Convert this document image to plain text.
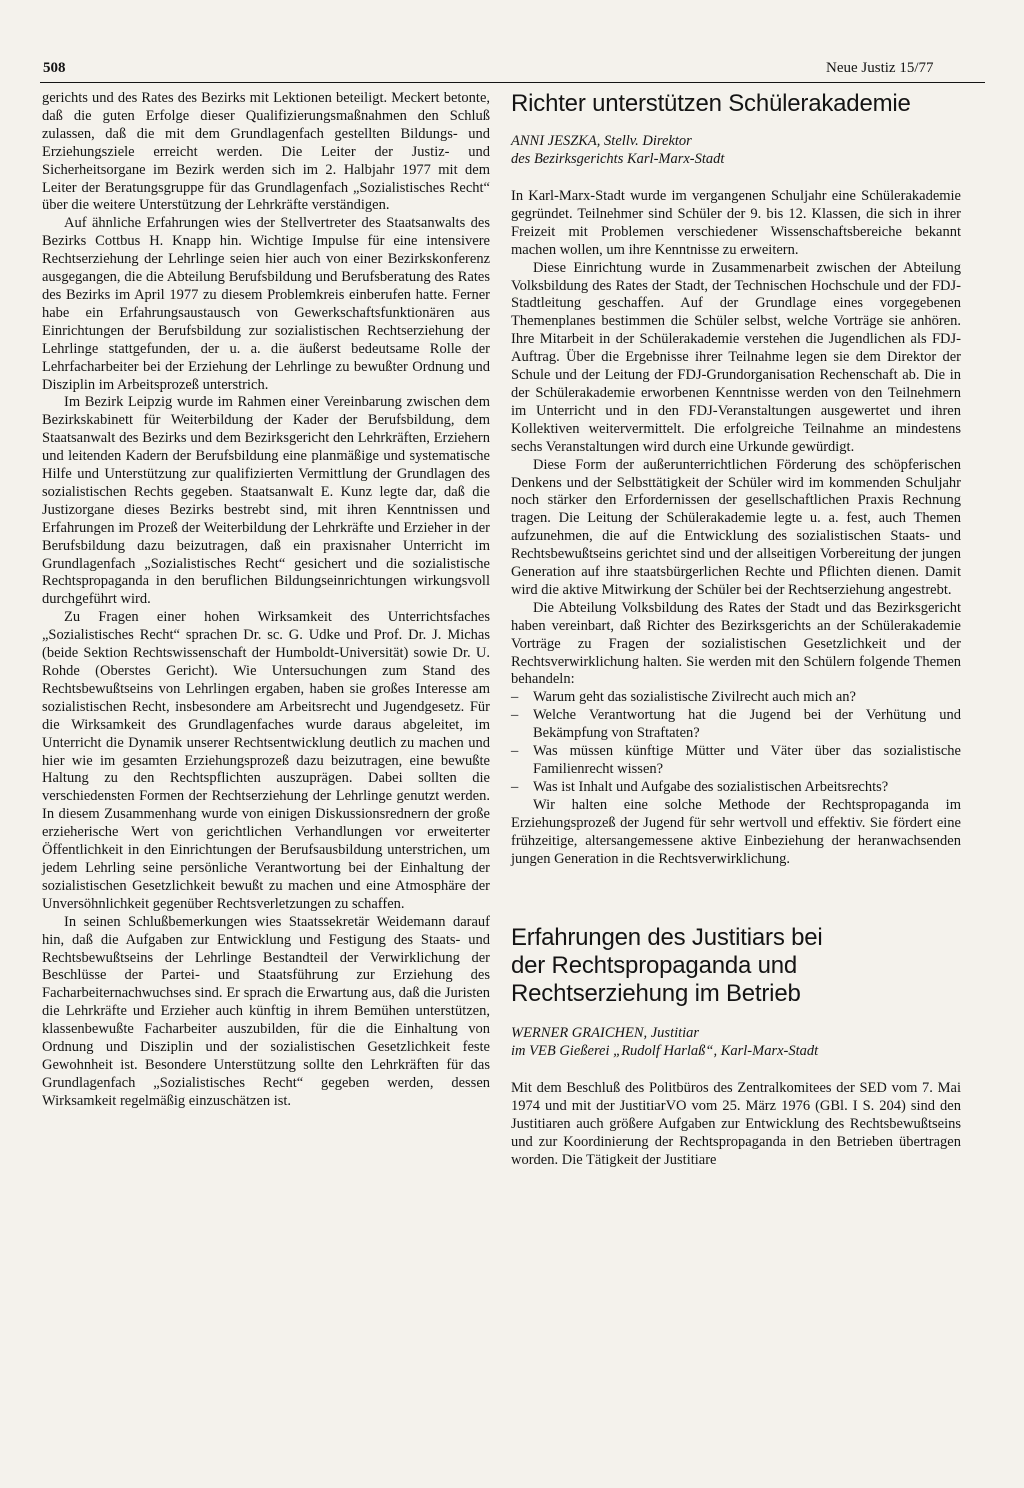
508	Neue Justiz 15/77

gerichts und des Rates des Bezirks mit Lektionen beteiligt. Meckert betonte, daß die guten Erfolge dieser Qualifizierungsmaßnahmen den Schluß zulassen, daß die mit dem Grundlagenfach gestellten Bildungs- und Erziehungsziele erreicht werden. Die Leiter der Justiz- und Sicherheitsorgane im Bezirk werden sich im 2. Halbjahr 1977 mit dem Leiter der Beratungsgruppe für das Grundlagenfach „Sozialistisches Recht“ über die weitere Unterstützung der Lehrkräfte verständigen.

Auf ähnliche Erfahrungen wies der Stellvertreter des Staatsanwalts des Bezirks Cottbus H. Knapp hin. Wichtige Impulse für eine intensivere Rechtserziehung der Lehrlinge seien hier auch von einer Bezirkskonferenz ausgegangen, die die Abteilung Berufsbildung und Berufsberatung des Rates des Bezirks im April 1977 zu diesem Problemkreis einberufen hatte. Ferner habe ein Erfahrungsaustausch von Gewerkschaftsfunktionären aus Einrichtungen der Berufsbildung zur sozialistischen Rechtserziehung der Lehrlinge stattgefunden, der u. a. die äußerst bedeutsame Rolle der Lehrfacharbeiter bei der Erziehung der Lehrlinge zu bewußter Ordnung und Disziplin im Arbeitsprozeß unterstrich.

Im Bezirk Leipzig wurde im Rahmen einer Vereinbarung zwischen dem Bezirkskabinett für Weiterbildung der Kader der Berufsbildung, dem Staatsanwalt des Bezirks und dem Bezirksgericht den Lehrkräften, Erziehern und leitenden Kadern der Berufsbildung eine planmäßige und systematische Hilfe und Unterstützung zur qualifizierten Vermittlung der Grundlagen des sozialistischen Rechts gegeben. Staatsanwalt E. Kunz legte dar, daß die Justizorgane dieses Bezirks bestrebt sind, mit ihren Kenntnissen und Erfahrungen im Prozeß der Weiterbildung der Lehrkräfte und Erzieher in der Berufsbildung dazu beizutragen, daß ein praxisnaher Unterricht im Grundlagenfach „Sozialistisches Recht“ gesichert und die sozialistische Rechtspropaganda in den beruflichen Bildungseinrichtungen wirkungsvoll durchgeführt wird.

Zu Fragen einer hohen Wirksamkeit des Unterrichtsfaches „Sozialistisches Recht“ sprachen Dr. sc. G. Udke und Prof. Dr. J. Michas (beide Sektion Rechtswissenschaft der Humboldt-Universität) sowie Dr. U. Rohde (Oberstes Gericht). Wie Untersuchungen zum Stand des Rechtsbewußtseins von Lehrlingen ergaben, haben sie großes Interesse am sozialistischen Recht, insbesondere am Arbeitsrecht und Jugendgesetz. Für die Wirksamkeit des Grundlagenfaches wurde daraus abgeleitet, im Unterricht die Dynamik unserer Rechtsentwicklung deutlich zu machen und hier wie im gesamten Erziehungsprozeß dazu beizutragen, eine bewußte Haltung zu den Rechtspflichten auszuprägen. Dabei sollten die verschiedensten Formen der Rechtserziehung der Lehrlinge genutzt werden. In diesem Zusammenhang wurde von einigen Diskussionsrednern der große erzieherische Wert von gerichtlichen Verhandlungen vor erweiterter Öffentlichkeit in den Einrichtungen der Berufsausbildung unterstrichen, um jedem Lehrling seine persönliche Verantwortung bei der Einhaltung der sozialistischen Gesetzlichkeit bewußt zu machen und eine Atmosphäre der Unversöhnlichkeit gegenüber Rechtsverletzungen zu schaffen.

In seinen Schlußbemerkungen wies Staatssekretär Weidemann darauf hin, daß die Aufgaben zur Entwicklung und Festigung des Staats- und Rechtsbewußtseins der Lehrlinge Bestandteil der Verwirklichung der Beschlüsse der Partei- und Staatsführung zur Erziehung des Facharbeiternachwuchses sind. Er sprach die Erwartung aus, daß die Juristen die Lehrkräfte und Erzieher auch künftig in ihrem Bemühen unterstützen, klassenbewußte Facharbeiter auszubilden, für die die Einhaltung von Ordnung und Disziplin und der sozialistischen Gesetzlichkeit feste Gewohnheit ist. Besondere Unterstützung sollte den Lehrkräften für das Grundlagenfach „Sozialistisches Recht“ gegeben werden, dessen Wirksamkeit regelmäßig einzuschätzen ist.

Richter unterstützen Schülerakademie
ANNI JESZKA, Stellv. Direktor
des Bezirksgerichts Karl-Marx-Stadt

In Karl-Marx-Stadt wurde im vergangenen Schuljahr eine Schülerakademie gegründet. Teilnehmer sind Schüler der 9. bis 12. Klassen, die sich in ihrer Freizeit mit Problemen verschiedener Wissenschaftsbereiche bekannt machen wollen, um ihre Kenntnisse zu erweitern.

Diese Einrichtung wurde in Zusammenarbeit zwischen der Abteilung Volksbildung des Rates der Stadt, der Technischen Hochschule und der FDJ-Stadtleitung geschaffen. Auf der Grundlage eines vorgegebenen Themenplanes bestimmen die Schüler selbst, welche Vorträge sie anhören. Ihre Mitarbeit in der Schülerakademie verstehen die Jugendlichen als FDJ-Auftrag. Über die Ergebnisse ihrer Teilnahme legen sie dem Direktor der Schule und der Leitung der FDJ-Grundorganisation Rechenschaft ab. Die in der Schülerakademie erworbenen Kenntnisse werden von den Teilnehmern im Unterricht und in den FDJ-Veranstaltungen ausgewertet und ihren Kollektiven weitervermittelt. Die erfolgreiche Teilnahme an mindestens sechs Veranstaltungen wird durch eine Urkunde gewürdigt.

Diese Form der außerunterrichtlichen Förderung des schöpferischen Denkens und der Selbsttätigkeit der Schüler wird im kommenden Schuljahr noch stärker den Erfordernissen der gesellschaftlichen Praxis Rechnung tragen. Die Leitung der Schülerakademie legte u. a. fest, auch Themen aufzunehmen, die auf die Entwicklung des sozialistischen Staats- und Rechtsbewußtseins gerichtet sind und der allseitigen Vorbereitung der jungen Generation auf ihre staatsbürgerlichen Rechte und Pflichten dienen. Damit wird die aktive Mitwirkung der Schüler bei der Rechtserziehung angestrebt.

Die Abteilung Volksbildung des Rates der Stadt und das Bezirksgericht haben vereinbart, daß Richter des Bezirksgerichts an der Schülerakademie Vorträge zu Fragen der sozialistischen Gesetzlichkeit und der Rechtsverwirklichung halten. Sie werden mit den Schülern folgende Themen behandeln:

– Warum geht das sozialistische Zivilrecht auch mich an?
– Welche Verantwortung hat die Jugend bei der Verhütung und Bekämpfung von Straftaten?
– Was müssen künftige Mütter und Väter über das sozialistische Familienrecht wissen?
– Was ist Inhalt und Aufgabe des sozialistischen Arbeitsrechts?

Wir halten eine solche Methode der Rechtspropaganda im Erziehungsprozeß der Jugend für sehr wertvoll und effektiv. Sie fördert eine frühzeitige, altersangemessene aktive Einbeziehung der heranwachsenden jungen Generation in die Rechtsverwirklichung.

Erfahrungen des Justitiars bei
der Rechtspropaganda und
Rechtserziehung im Betrieb
WERNER GRAICHEN, Justitiar
im VEB Gießerei „Rudolf Harlaß“, Karl-Marx-Stadt

Mit dem Beschluß des Politbüros des Zentralkomitees der SED vom 7. Mai 1974 und mit der JustitiarVO vom 25. März 1976 (GBl. I S. 204) sind den Justitiaren auch größere Aufgaben zur Entwicklung des Rechtsbewußtseins und zur Koordinierung der Rechtspropaganda in den Betrieben übertragen worden. Die Tätigkeit der Justitiare
